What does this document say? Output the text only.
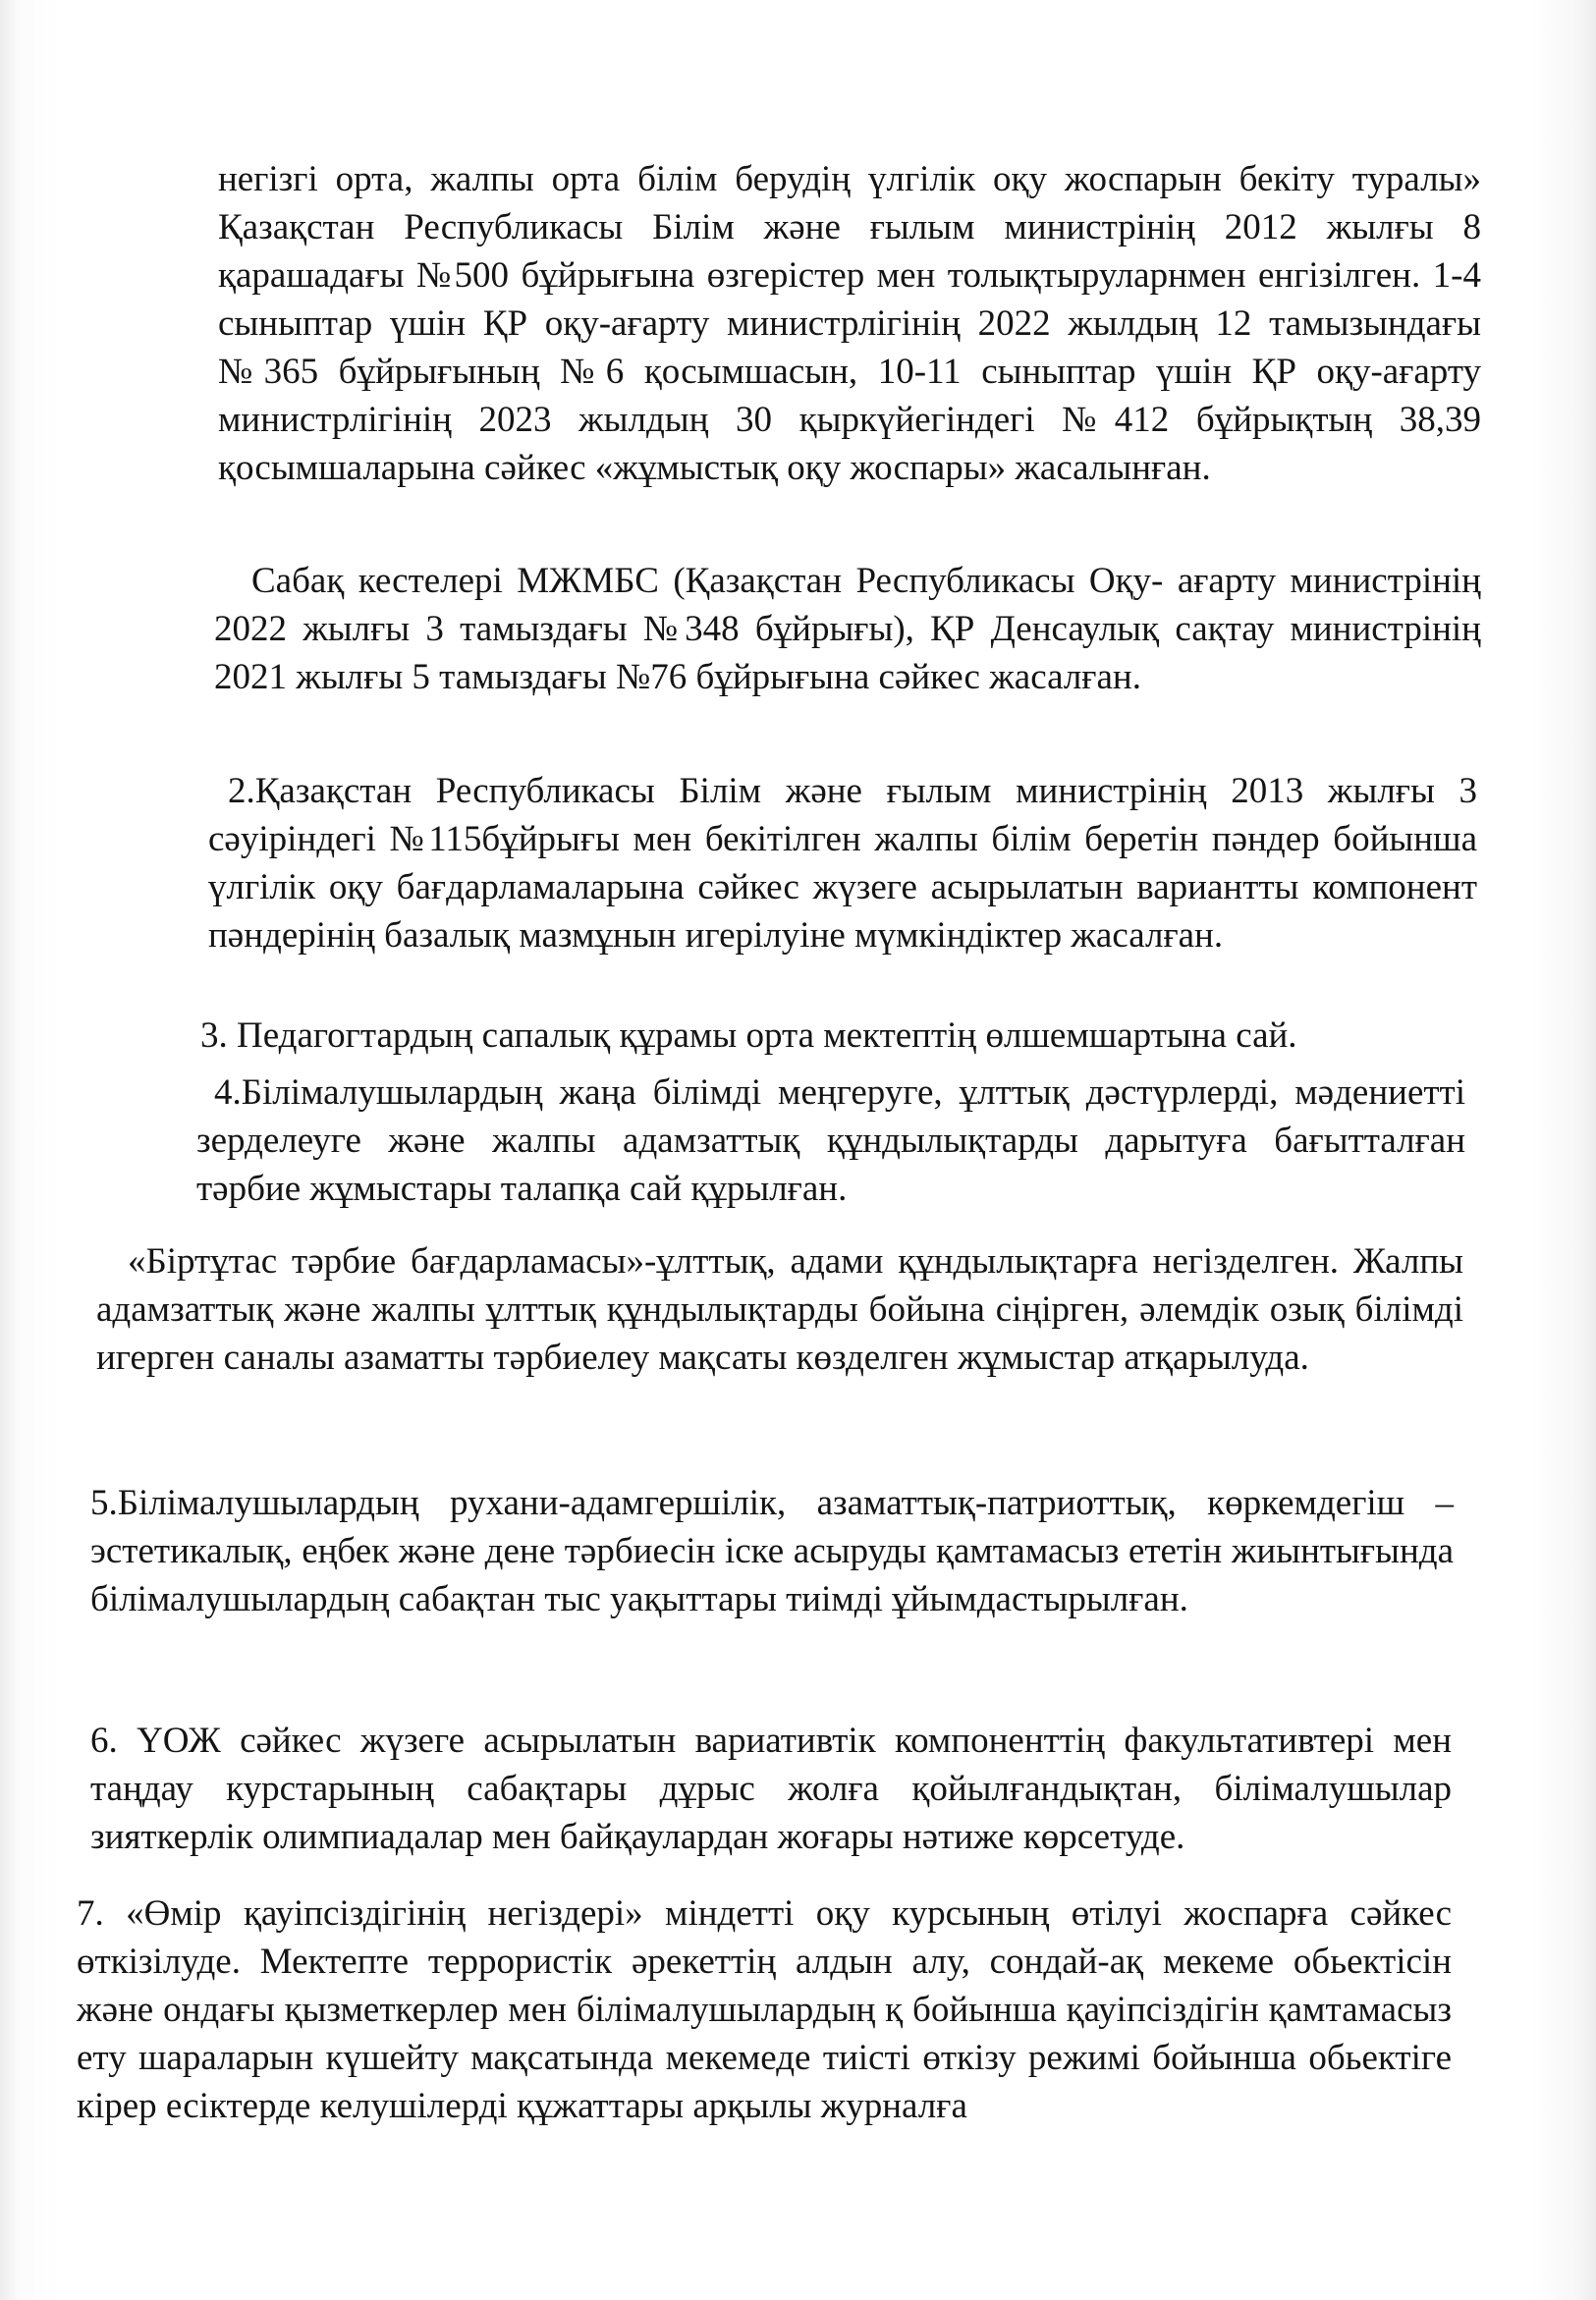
негізгі орта, жалпы орта білім берудің үлгілік оқу жоспарын бекіту туралы» Қазақстан Республикасы Білім және ғылым министрінің 2012 жылғы 8 қарашадағы №500 бұйрығына өзгерістер мен толықтыруларнмен енгізілген. 1-4 сыныптар үшін ҚР оқу-ағарту министрлігінің 2022 жылдың 12 тамызындағы №365 бұйрығының №6 қосымшасын, 10-11 сыныптар үшін ҚР оқу-ағарту министрлігінің 2023 жылдың 30 қыркүйегіндегі №412 бұйрықтың 38,39 қосымшаларына сәйкес «жұмыстық оқу жоспары» жасалынған.

Сабақ кестелері МЖМБС (Қазақстан Республикасы Оқу- ағарту министрінің 2022 жылғы 3 тамыздағы №348 бұйрығы), ҚР Денсаулық сақтау министрінің 2021 жылғы 5 тамыздағы №76 бұйрығына сәйкес жасалған.

2.Қазақстан Республикасы Білім және ғылым министрінің 2013 жылғы 3 сәуіріндегі №115бұйрығы мен бекітілген жалпы білім беретін пәндер бойынша үлгілік оқу бағдарламаларына сәйкес жүзеге асырылатын вариантты компонент пәндерінің базалық мазмұнын игерілуіне мүмкіндіктер жасалған.

3. Педагогтардың сапалық құрамы орта мектептің өлшемшартына сай.

4.Білімалушылардың жаңа білімді меңгеруге, ұлттық дәстүрлерді, мәдениетті зерделеуге және жалпы адамзаттық құндылықтарды дарытуға бағытталған тәрбие жұмыстары талапқа сай құрылған.

«Біртұтас тәрбие бағдарламасы»-ұлттық, адами құндылықтарға негізделген. Жалпы адамзаттық және жалпы ұлттық құндылықтарды бойына сіңірген, әлемдік озық білімді игерген саналы азаматты тәрбиелеу мақсаты көзделген жұмыстар атқарылуда.

5.Білімалушылардың рухани-адамгершілік, азаматтық-патриоттық, көркемдегіш – эстетикалық, еңбек және дене тәрбиесін іске асыруды қамтамасыз ететін жиынтығында білімалушылардың сабақтан тыс уақыттары тиімді ұйымдастырылған.

6. ҮОЖ сәйкес жүзеге асырылатын вариативтік компоненттің факультативтері мен таңдау курстарының сабақтары дұрыс жолға қойылғандықтан, білімалушылар зияткерлік олимпиадалар мен байқаулардан жоғары нәтиже көрсетуде.

7. «Өмір қауіпсіздігінің негіздері» міндетті оқу курсының өтілуі жоспарға сәйкес өткізілуде. Мектепте террористік әрекеттің алдын алу, сондай-ақ мекеме обьектісін және ондағы қызметкерлер мен білімалушылардың қ бойынша қауіпсіздігін қамтамасыз ету шараларын күшейту мақсатында мекемеде тиісті өткізу режимі бойынша обьектіге кірер есіктерде келушілерді құжаттары арқылы журналға
